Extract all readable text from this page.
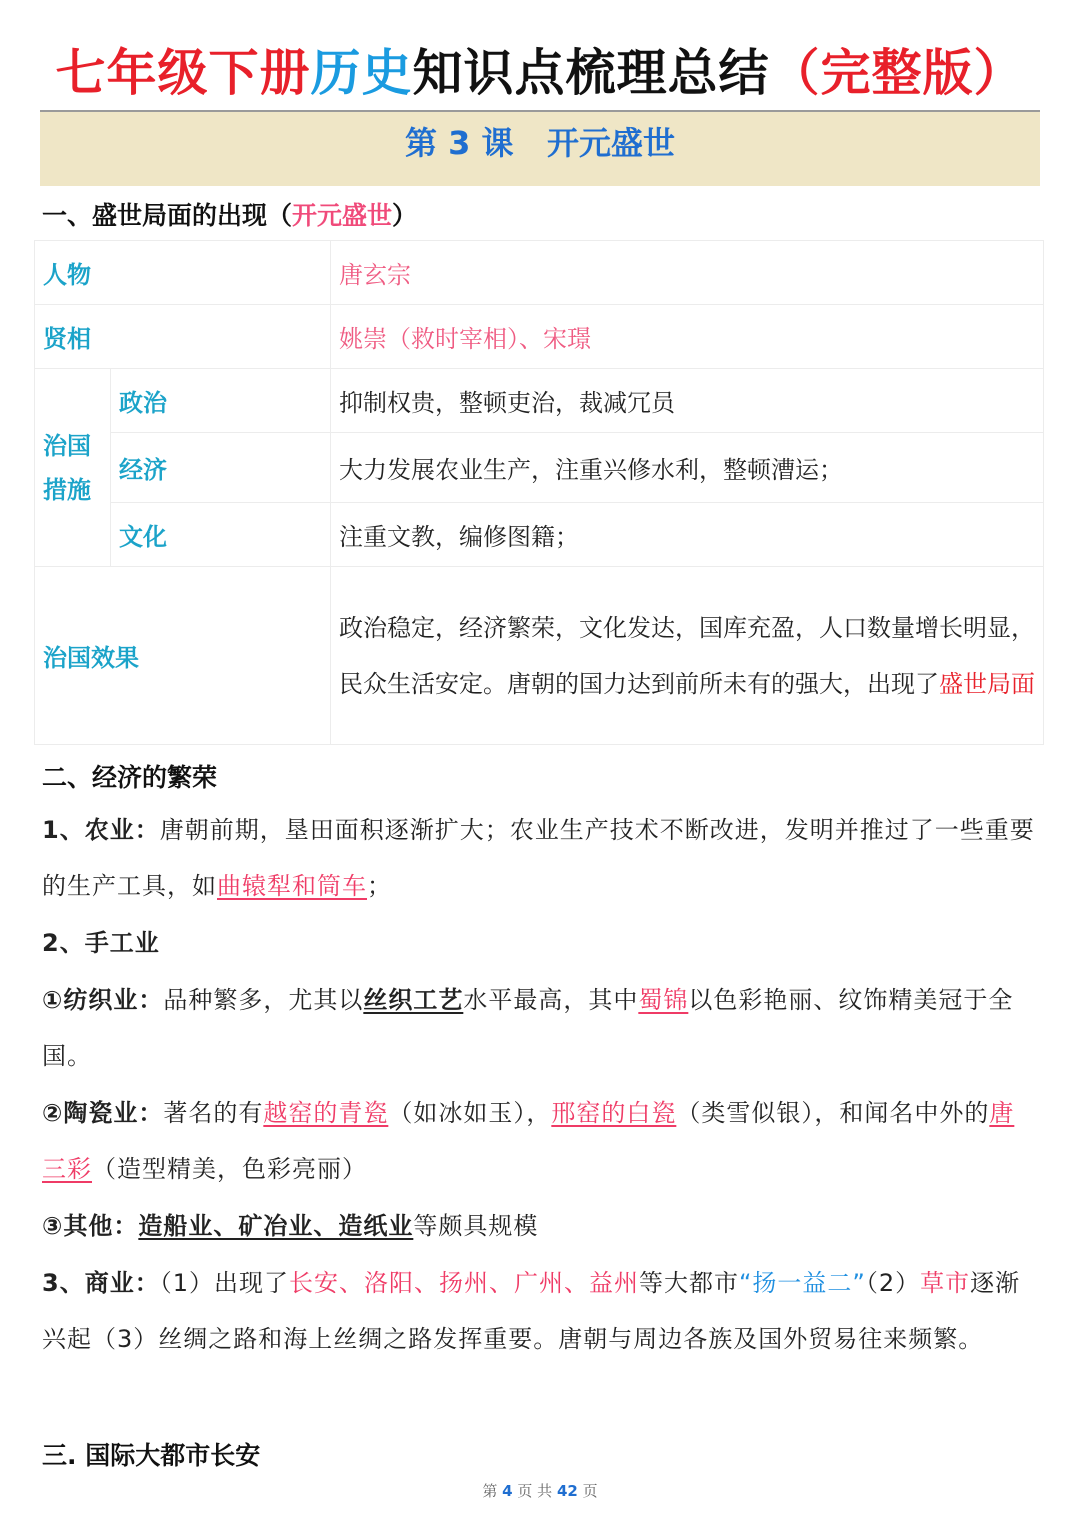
七年级下册历史知识点梳理总结（完整版）
第 3 课 开元盛世
一、盛世局面的出现（开元盛世）
人物		唐玄宗
贤相		姚崇（救时宰相）、宋璟
治国
措施	政治	抑制权贵，整顿吏治，裁减冗员
	经济	大力发展农业生产，注重兴修水利，整顿漕运；
	文化	注重文教，编修图籍；
治国效果		政治稳定，经济繁荣，文化发达，国库充盈，人口数量增长明显，民众生活安定。唐朝的国力达到前所未有的强大，出现了盛世局面
二、经济的繁荣
1、农业：唐朝前期，垦田面积逐渐扩大；农业生产技术不断改进，发明并推过了一些重要的生产工具，如曲辕犁和筒车；
2、手工业
①纺织业：品种繁多，尤其以丝织工艺水平最高，其中蜀锦以色彩艳丽、纹饰精美冠于全国。
②陶瓷业：著名的有越窑的青瓷（如冰如玉），邢窑的白瓷（类雪似银），和闻名中外的唐三彩（造型精美，色彩亮丽）
③其他：造船业、矿冶业、造纸业等颇具规模
3、商业：（1）出现了长安、洛阳、扬州、广州、益州等大都市“扬一益二”（2）草市逐渐兴起（3）丝绸之路和海上丝绸之路发挥重要。唐朝与周边各族及国外贸易往来频繁。
三. 国际大都市长安
第 4 页 共 42 页
